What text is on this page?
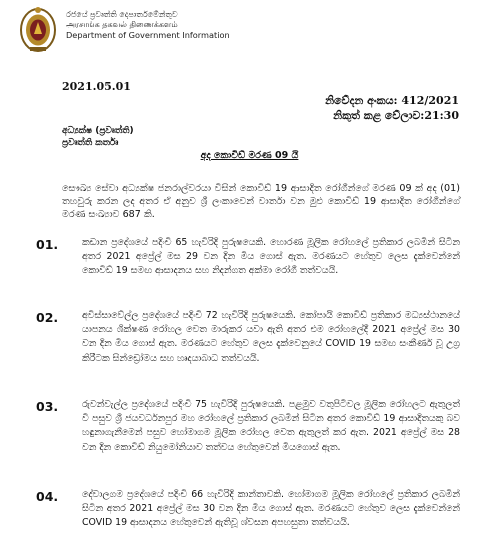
රජයේ ප්‍රවෘත්ති දෙපාර්තමේන්තුව
அரசாங்க தகவல் திணைக்களம்
Department of Government Information
2021.05.01
නිවේදන අංකය: 412/2021
නිකුත් කළ වේලාව:21:30
අධ්‍යක්ෂ (ප්‍රවෘත්ති)
ප්‍රවෘත්ති කර්තෘ
අද කොවිඩ් මරණ 09 යි
සෞඛ්‍ය සේවා අධ්‍යක්ෂ ජනරාල්වරයා විසින් කොවිඩ් 19 ආසාදිත රෝගීන්ගේ මරණ 09 ක් අද (01) තහවුරු කරන ලද අතර ඒ අනුව ශ්‍රී ලංකාවෙන් වාර්තා වන මුළු කොවිඩ් 19 ආසාදිත රෝගීන්ගේ මරණ සංඛ්‍යාව 687 කි.
01.	කඩාන ප්‍රදේශයේ පදිංචි 65 හැවිරිදි පුරුෂයෙකි. හොරණ මූලික රෝහලේ ප්‍රතිකාර ලබමින් සිටින අතර 2021 අප්‍රේල් මස 29 වන දින මිය ගොස් ඇත. මරණයට හේතුව ලෙස දැක්වෙන්නේ කොවිඩ් 19 සමඟ ආසාදනය සහ නිදන්ගත අක්මා රෝගී තත්වයයි.
02.	අවිස්සාවේල්ල ප්‍රදේශයේ පදිංචි 72 හැවිරිදි පුරුෂයෙකි. කෝපායි කොවිඩ් ප්‍රතිකාර මධ්‍යස්ථානයේ යාපනය ශික්ෂණ රෝහල වෙත මාරුකර යවා ඇති අතර එම රෝහලේදී 2021 අප්‍රේල් මස 30 වන දින මිය ගොස් ඇත. මරණයට හේතුව ලෙස දැක්වෙනුයේ COVID 19 සමඟ සංකීර්ණ වූ උග්‍ර කිරීටක සින්ඩ්‍රෝමය සහ හෘදයාබාධ තත්වයයි.
03.	රුවන්වැල්ල ප්‍රදේශයේ පදිංචි 75 හැවිරිදි පුරුෂයෙකි. පළමුව වතුපිටිවල මූලික රෝහලට ඇතුලත් වී පසුව ශ්‍රී ජයවර්ධනපුර මහ රෝහලේ ප්‍රතිකාර ලබමින් සිටින අතර කොවිඩ් 19 ආසාදිතයකු බව හඳුනාගැනීමෙන් පසුව හෝමාගම මූලික රෝහල වෙත ඇතුලත් කර ඇත. 2021 අප්‍රේල් මස 28 වන දින කොවිඩ් නියුමෝනියාව තත්වය හේතුවෙන් මියගොස් ඇත.
04.	දේවාලගම ප්‍රදේශයේ පදිංචි 66 හැවිරිදි කාන්තාවකි. හෝමාගම මූලික රෝහලේ ප්‍රතිකාර ලබමින් සිටින අතර 2021 අප්‍රේල් මස 30 වන දින මිය ගොස් ඇත. මරණයට හේතුව ලෙස දැක්වෙන්නේ COVID 19 ආසාදනය හේතුවෙන් ඇතිවූ ශ්වසන අපහසුතා තත්වයයි.
